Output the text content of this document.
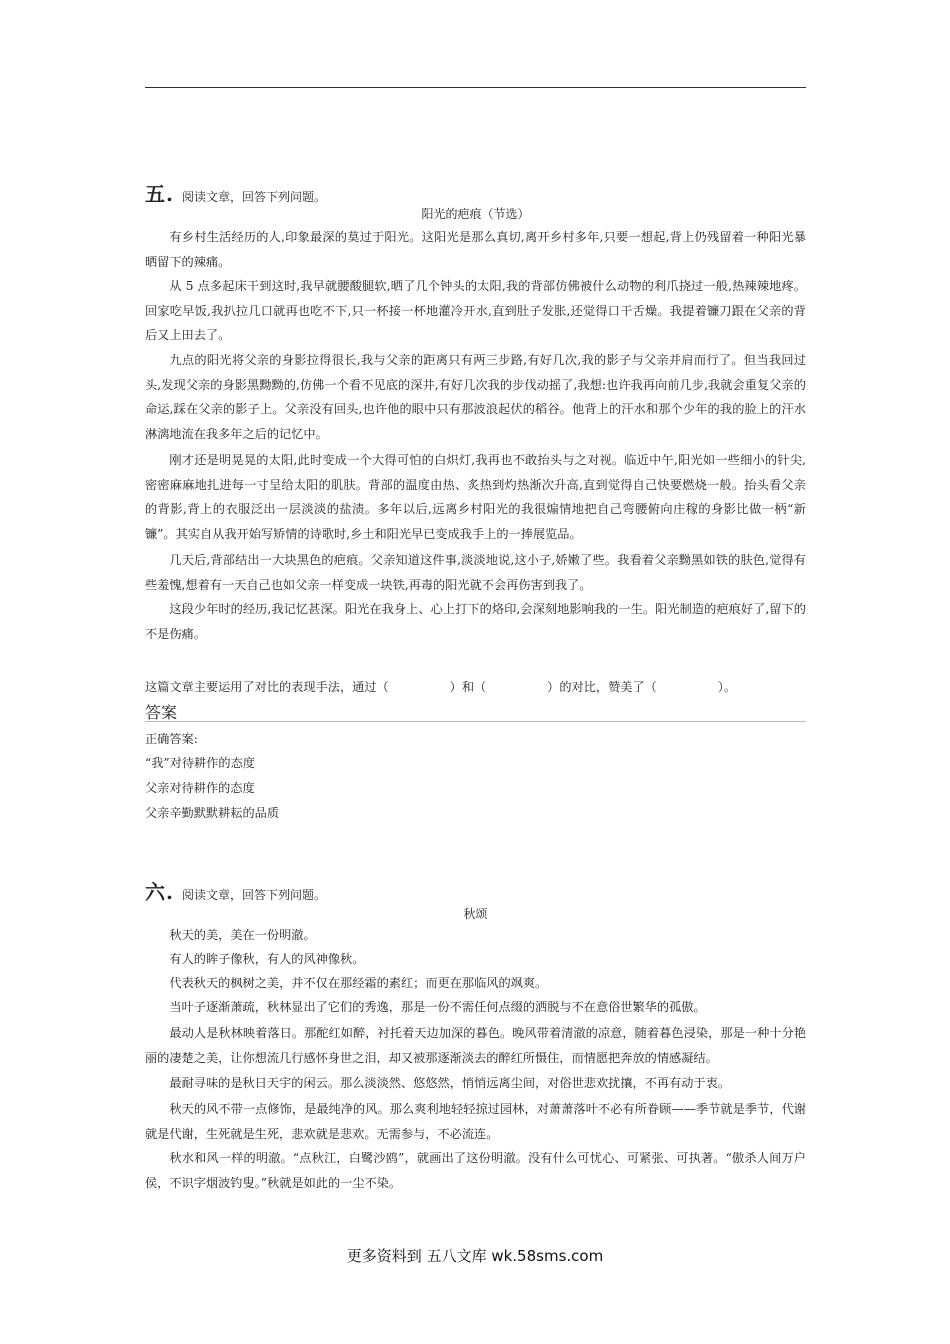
五. 阅读文章，回答下列问题。
阳光的疤痕（节选）

有乡村生活经历的人,印象最深的莫过于阳光。这阳光是那么真切,离开乡村多年,只要一想起,背上仍残留着一种阳光暴晒留下的辣痛。

从 5 点多起床干到这时,我早就腰酸腿软,晒了几个钟头的太阳,我的背部仿佛被什么动物的利爪挠过一般,热辣辣地疼。回家吃早饭,我扒拉几口就再也吃不下,只一杯接一杯地灌冷开水,直到肚子发胀,还觉得口干舌燥。我提着镰刀跟在父亲的背后又上田去了。

九点的阳光将父亲的身影拉得很长,我与父亲的距离只有两三步路,有好几次,我的影子与父亲并肩而行了。但当我回过头,发现父亲的身影黑黝黝的,仿佛一个看不见底的深井,有好几次我的步伐动摇了,我想:也许我再向前几步,我就会重复父亲的命运,踩在父亲的影子上。父亲没有回头,也许他的眼中只有那波浪起伏的稻谷。他背上的汗水和那个少年的我的脸上的汗水淋漓地流在我多年之后的记忆中。

刚才还是明晃晃的太阳,此时变成一个大得可怕的白炽灯,我再也不敢抬头与之对视。临近中午,阳光如一些细小的针尖,密密麻麻地扎进每一寸呈给太阳的肌肤。背部的温度由热、炙热到灼热渐次升高,直到觉得自己快要燃烧一般。抬头看父亲的背影,背上的衣服泛出一层淡淡的盐渍。多年以后,远离乡村阳光的我很煽情地把自己弯腰俯向庄稼的身影比做一柄“新镰”。其实自从我开始写矫情的诗歌时,乡土和阳光早已变成我手上的一捧展览品。

几天后,背部结出一大块黑色的疤痕。父亲知道这件事,淡淡地说,这小子,娇嫩了些。我看着父亲黝黑如铁的肤色,觉得有些羞愧,想着有一天自己也如父亲一样变成一块铁,再毒的阳光就不会再伤害到我了。

这段少年时的经历,我记忆甚深。阳光在我身上、心上打下的烙印,会深刻地影响我的一生。阳光制造的疤痕好了,留下的不是伤痛。

这篇文章主要运用了对比的表现手法，通过（　　　　　）和（　　　　　）的对比，赞美了（　　　　　）。
答案
正确答案:
“我”对待耕作的态度
父亲对待耕作的态度
父亲辛勤默默耕耘的品质
六. 阅读文章，回答下列问题。
秋颂
秋天的美，美在一份明澈。
有人的眸子像秋，有人的风神像秋。
代表秋天的枫树之美，并不仅在那经霜的素红；而更在那临风的飒爽。
当叶子逐渐萧疏，秋林显出了它们的秀逸，那是一份不需任何点缀的洒脱与不在意俗世繁华的孤傲。

最动人是秋林映着落日。那酡红如醉，衬托着天边加深的暮色。晚风带着清澈的凉意，随着暮色浸染，那是一种十分艳丽的凄楚之美，让你想流几行感怀身世之泪，却又被那逐渐淡去的醉红所慑住，而情愿把奔放的情感凝结。

最耐寻味的是秋日天宇的闲云。那么淡淡然、悠悠然，悄悄远离尘间，对俗世悲欢扰攘，不再有动于衷。

秋天的风不带一点修饰，是最纯净的风。那么爽利地轻轻掠过园林，对萧萧落叶不必有所眷顾——季节就是季节，代谢就是代谢，生死就是生死，悲欢就是悲欢。无需参与，不必流连。

秋水和风一样的明澈。“点秋江，白鹭沙鸥”，就画出了这份明澈。没有什么可忧心、可紧张、可执著。“傲杀人间万户侯，不识字烟波钓叟。”秋就是如此的一尘不染。

更多资料到 五八文库 wk.58sms.com
